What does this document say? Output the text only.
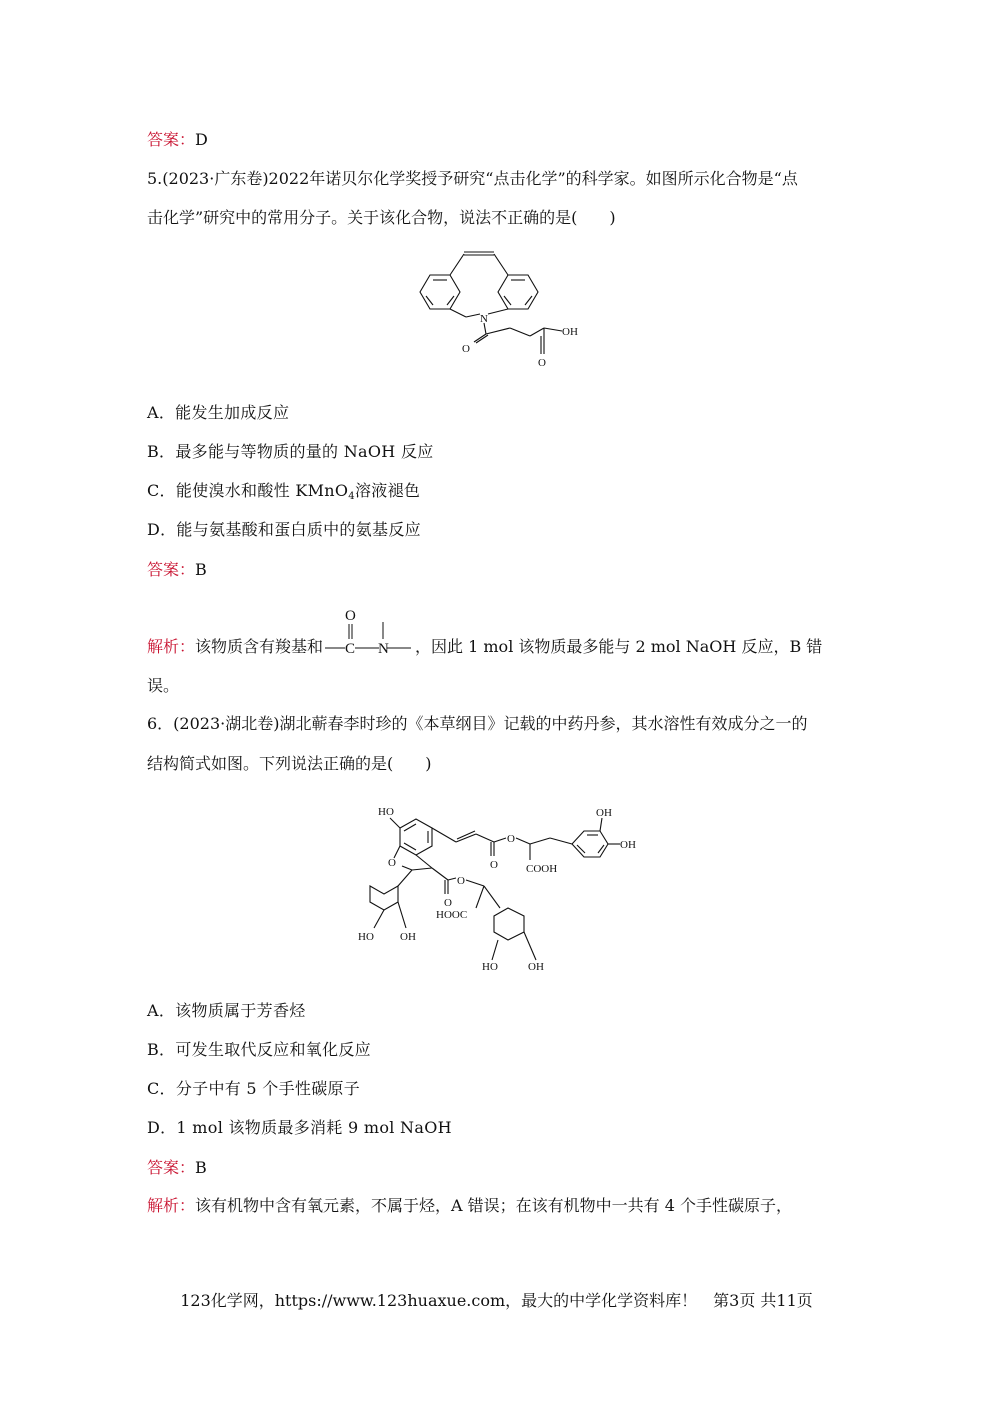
答案：D
5.(2023·广东卷)2022年诺贝尔化学奖授予研究“点击化学”的科学家。如图所示化合物是“点
击化学”研究中的常用分子。关于该化合物，说法不正确的是(　　)
N
O
O
OH
A．能发生加成反应
B．最多能与等物质的量的 NaOH 反应
C．能使溴水和酸性 KMnO$_4$溶液褪色
D．能与氨基酸和蛋白质中的氨基反应
答案：B
解析：该物质含有羧基和
O
C N ，因此 1 mol 该物质最多能与 2 mol NaOH 反应，B 错
误。
6．(2023·湖北卷)湖北蕲春李时珍的《本草纲目》记载的中药丹参，其水溶性有效成分之一的
结构简式如图。下列说法正确的是(　　)
HO
O
OH
OH
O
O
COOH
O
O
HOOC
HO OH
HO	OH
A．该物质属于芳香烃
B．可发生取代反应和氧化反应
C．分子中有 5 个手性碳原子
D．1 mol 该物质最多消耗 9 mol NaOH
答案：B
解析：该有机物中含有氧元素，不属于烃，A 错误；在该有机物中一共有 4 个手性碳原子，
123化学网，https://www.123huaxue.com，最大的中学化学资料库！　第3页 共11页
